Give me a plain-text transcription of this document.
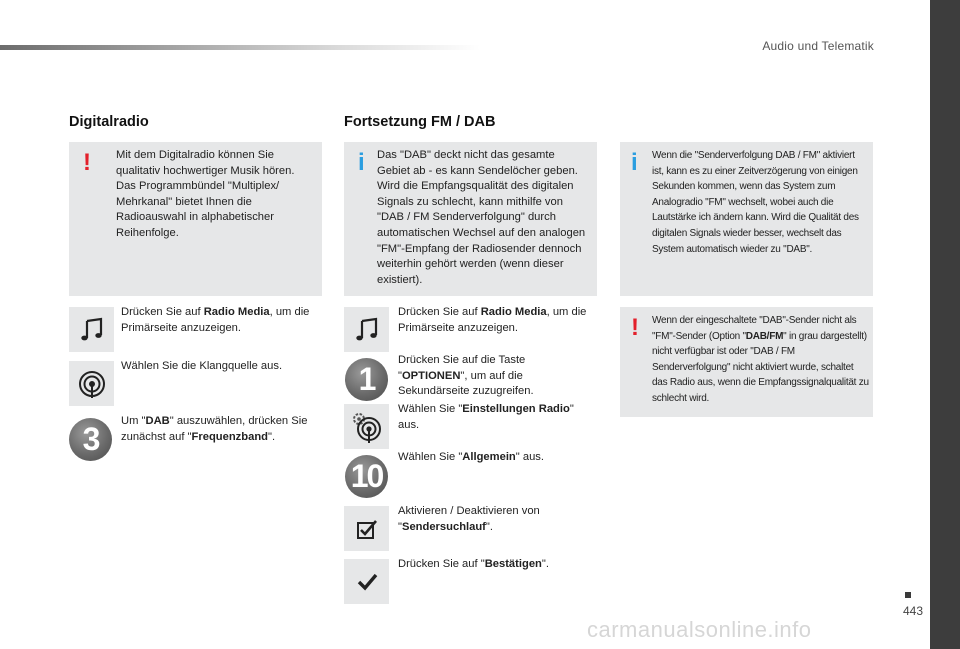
Audio und Telematik
443
Digitalradio
! Mit dem Digitalradio können Sie qualitativ hochwertiger Musik hören. Das Programmbündel "Multiplex/ Mehrkanal" bietet Ihnen die Radioauswahl in alphabetischer Reihenfolge.
Drücken Sie auf Radio Media, um die Primärseite anzuzeigen.
Wählen Sie die Klangquelle aus.
3	Um "DAB" auszuwählen, drücken Sie zunächst auf "Frequenzband".
Fortsetzung FM / DAB
i Das "DAB" deckt nicht das gesamte Gebiet ab - es kann Sendelöcher geben. Wird die Empfangsqualität des digitalen Signals zu schlecht, kann mithilfe von "DAB / FM Senderverfolgung" durch automatischen Wechsel auf den analogen "FM"-Empfang der Radiosender dennoch weiterhin gehört werden (wenn dieser existiert).
Drücken Sie auf Radio Media, um die Primärseite anzuzeigen.
1
Drücken Sie auf die Taste "OPTIONEN", um auf die Sekundärseite zuzugreifen.
Wählen Sie "Einstellungen Radio" aus.
10
Wählen Sie "Allgemein" aus.
Aktivieren / Deaktivieren von "Sendersuchlauf".
Drücken Sie auf "Bestätigen".
i Wenn die "Senderverfolgung DAB / FM" aktiviert ist, kann es zu einer Zeitverzögerung von einigen Sekunden kommen, wenn das System zum Analogradio "FM" wechselt, wobei auch die Lautstärke ich ändern kann. Wird die Qualität des digitalen Signals wieder besser, wechselt das System automatisch wieder zu "DAB".
! Wenn der eingeschaltete "DAB"-Sender nicht als "FM"-Sender (Option "DAB/FM" in grau dargestellt) nicht verfügbar ist oder "DAB / FM Senderverfolgung" nicht aktiviert wurde, schaltet das Radio aus, wenn die Empfangssignalqualität zu schlecht wird.
carmanualsonline.info
